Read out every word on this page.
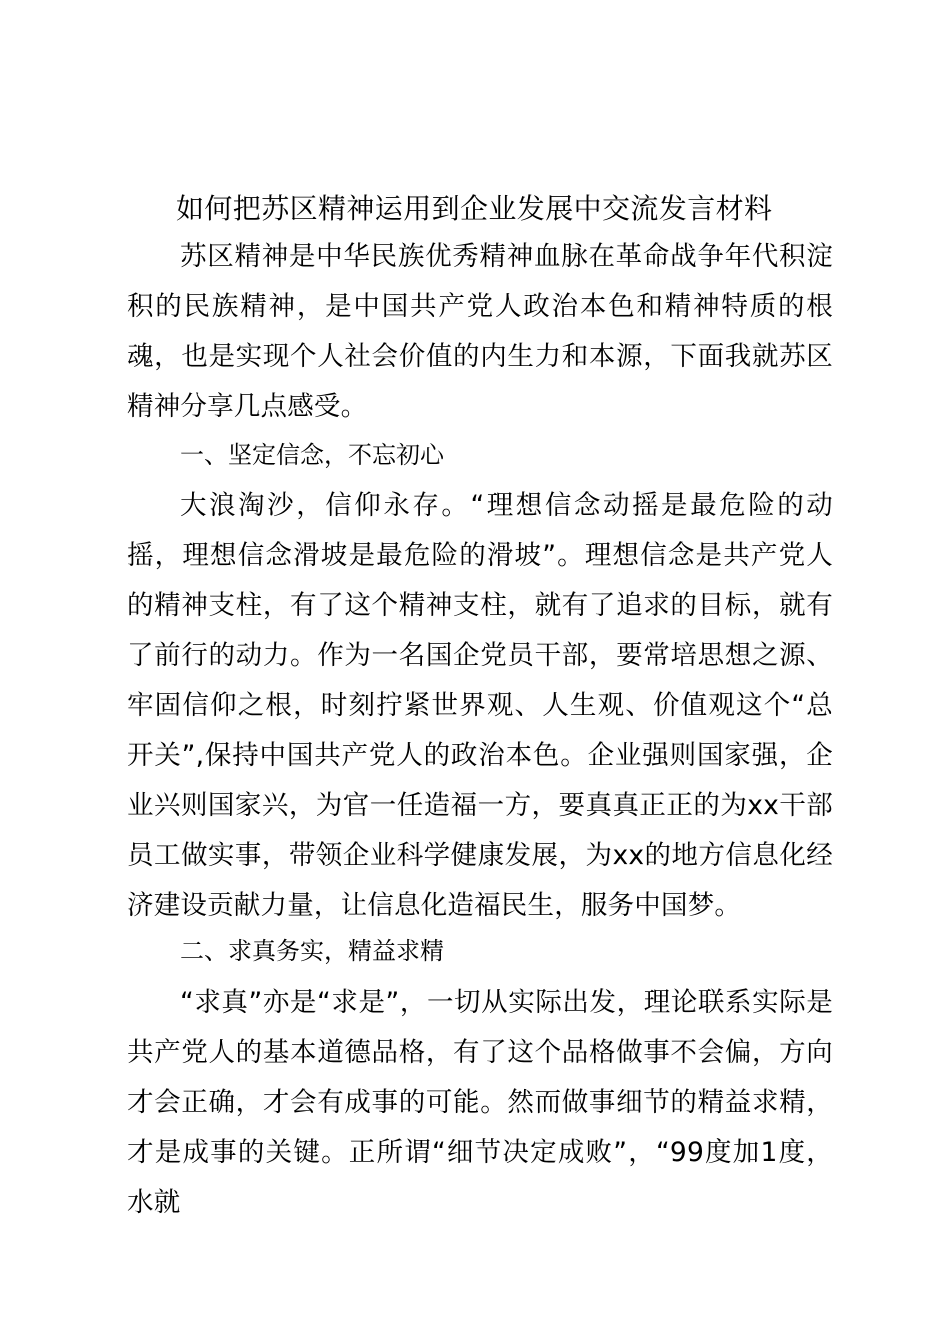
如何把苏区精神运用到企业发展中交流发言材料

苏区精神是中华民族优秀精神血脉在革命战争年代积淀积的民族精神，是中国共产党人政治本色和精神特质的根魂，也是实现个人社会价值的内生力和本源，下面我就苏区精神分享几点感受。

一、坚定信念，不忘初心

大浪淘沙，信仰永存。“理想信念动摇是最危险的动摇，理想信念滑坡是最危险的滑坡”。理想信念是共产党人的精神支柱，有了这个精神支柱，就有了追求的目标，就有了前行的动力。作为一名国企党员干部，要常培思想之源、牢固信仰之根，时刻拧紧世界观、人生观、价值观这个“总开关”,保持中国共产党人的政治本色。企业强则国家强，企业兴则国家兴，为官一任造福一方，要真真正正的为xx干部员工做实事，带领企业科学健康发展，为xx的地方信息化经济建设贡献力量，让信息化造福民生，服务中国梦。

二、求真务实，精益求精

“求真”亦是“求是”，一切从实际出发，理论联系实际是共产党人的基本道德品格，有了这个品格做事不会偏，方向才会正确，才会有成事的可能。然而做事细节的精益求精，才是成事的关键。正所谓“细节决定成败”，“99度加1度，水就
